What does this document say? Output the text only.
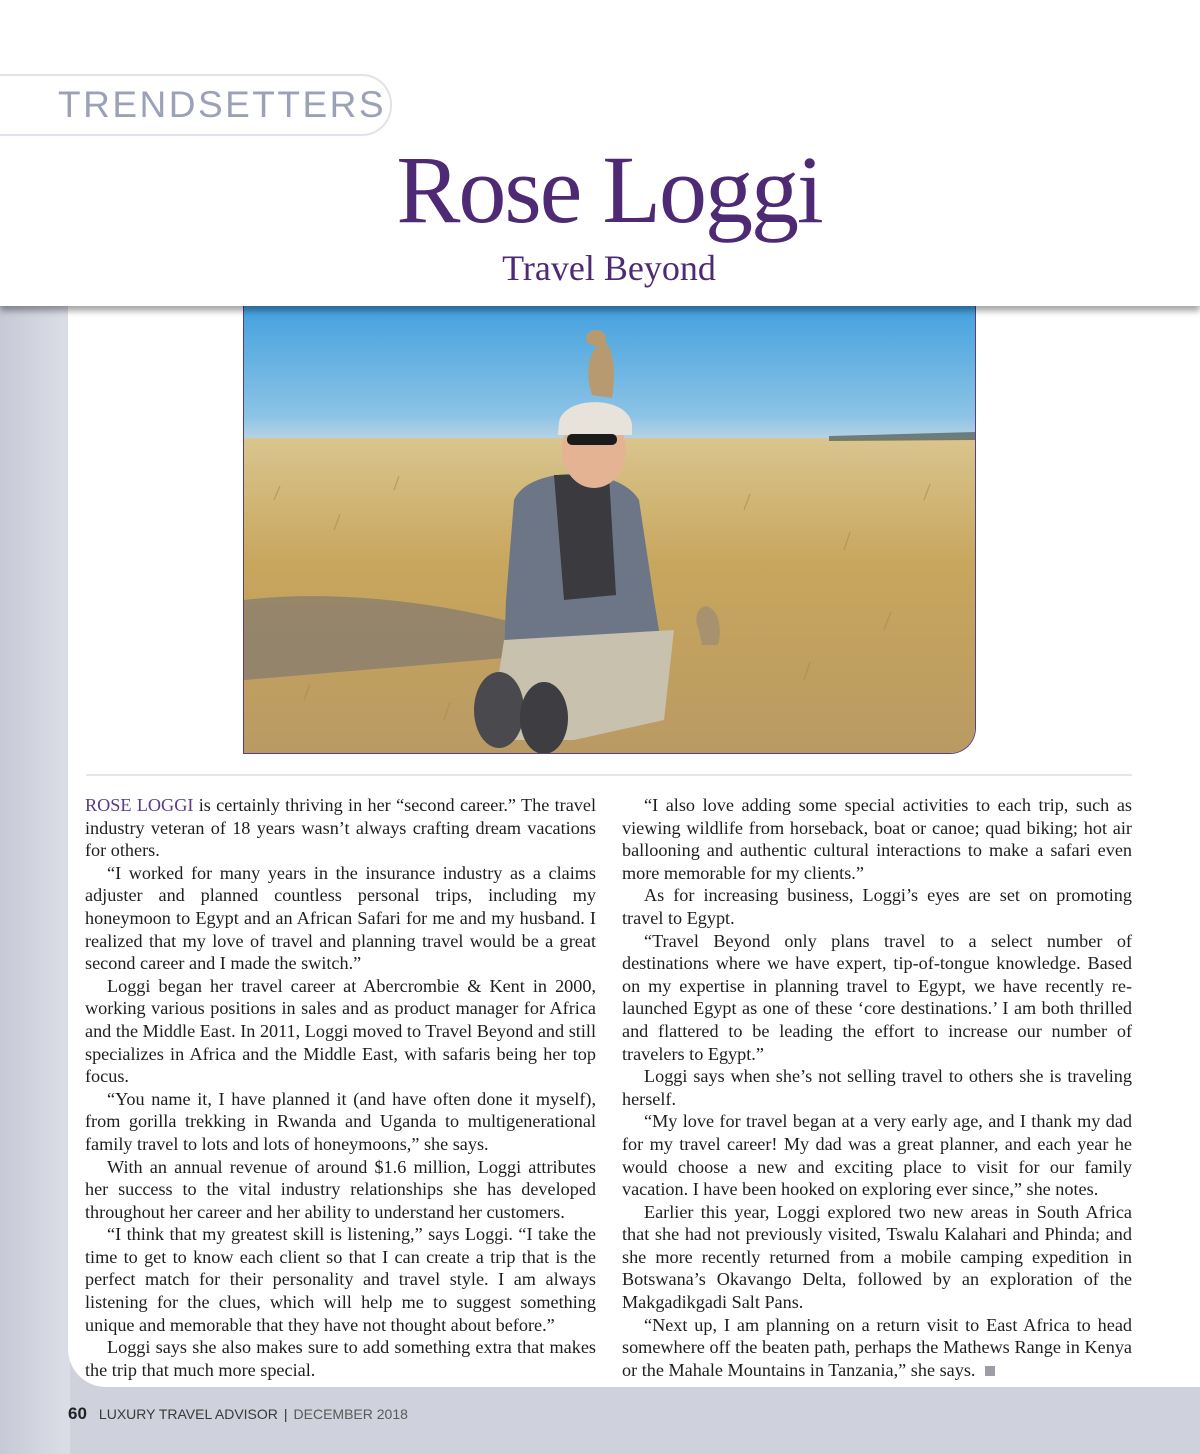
TRENDSETTERS
Rose Loggi
Travel Beyond

ROSE LOGGI is certainly thriving in her “second career.” The travel industry veteran of 18 years wasn’t always crafting dream vacations for others.

“I worked for many years in the insurance industry as a claims adjuster and planned countless personal trips, including my honeymoon to Egypt and an African Safari for me and my husband. I realized that my love of travel and planning travel would be a great second career and I made the switch.”

Loggi began her travel career at Abercrombie & Kent in 2000, working various positions in sales and as product manager for Africa and the Middle East. In 2011, Loggi moved to Travel Beyond and still specializes in Africa and the Middle East, with safaris being her top focus.

“You name it, I have planned it (and have often done it myself), from gorilla trekking in Rwanda and Uganda to multigenerational family travel to lots and lots of honeymoons,” she says.

With an annual revenue of around $1.6 million, Loggi attributes her success to the vital industry relationships she has developed throughout her career and her ability to understand her customers.

“I think that my greatest skill is listening,” says Loggi. “I take the time to get to know each client so that I can create a trip that is the perfect match for their personality and travel style. I am always listening for the clues, which will help me to suggest something unique and memorable that they have not thought about before.”

Loggi says she also makes sure to add something extra that makes the trip that much more special.

“I also love adding some special activities to each trip, such as viewing wildlife from horseback, boat or canoe; quad biking; hot air ballooning and authentic cultural interactions to make a safari even more memorable for my clients.”

As for increasing business, Loggi’s eyes are set on promoting travel to Egypt.

“Travel Beyond only plans travel to a select number of destinations where we have expert, tip-of-tongue knowledge. Based on my expertise in planning travel to Egypt, we have recently re-launched Egypt as one of these ‘core destinations.’ I am both thrilled and flattered to be leading the effort to increase our number of travelers to Egypt.”

Loggi says when she’s not selling travel to others she is traveling herself.

“My love for travel began at a very early age, and I thank my dad for my travel career! My dad was a great planner, and each year he would choose a new and exciting place to visit for our family vacation. I have been hooked on exploring ever since,” she notes.

Earlier this year, Loggi explored two new areas in South Africa that she had not previously visited, Tswalu Kalahari and Phinda; and she more recently returned from a mobile camping expedition in Botswana’s Okavango Delta, followed by an exploration of the Makgadikgadi Salt Pans.

“Next up, I am planning on a return visit to East Africa to head somewhere off the beaten path, perhaps the Mathews Range in Kenya or the Mahale Mountains in Tanzania,” she says.

60 LUXURY TRAVEL ADVISOR | DECEMBER 2018
